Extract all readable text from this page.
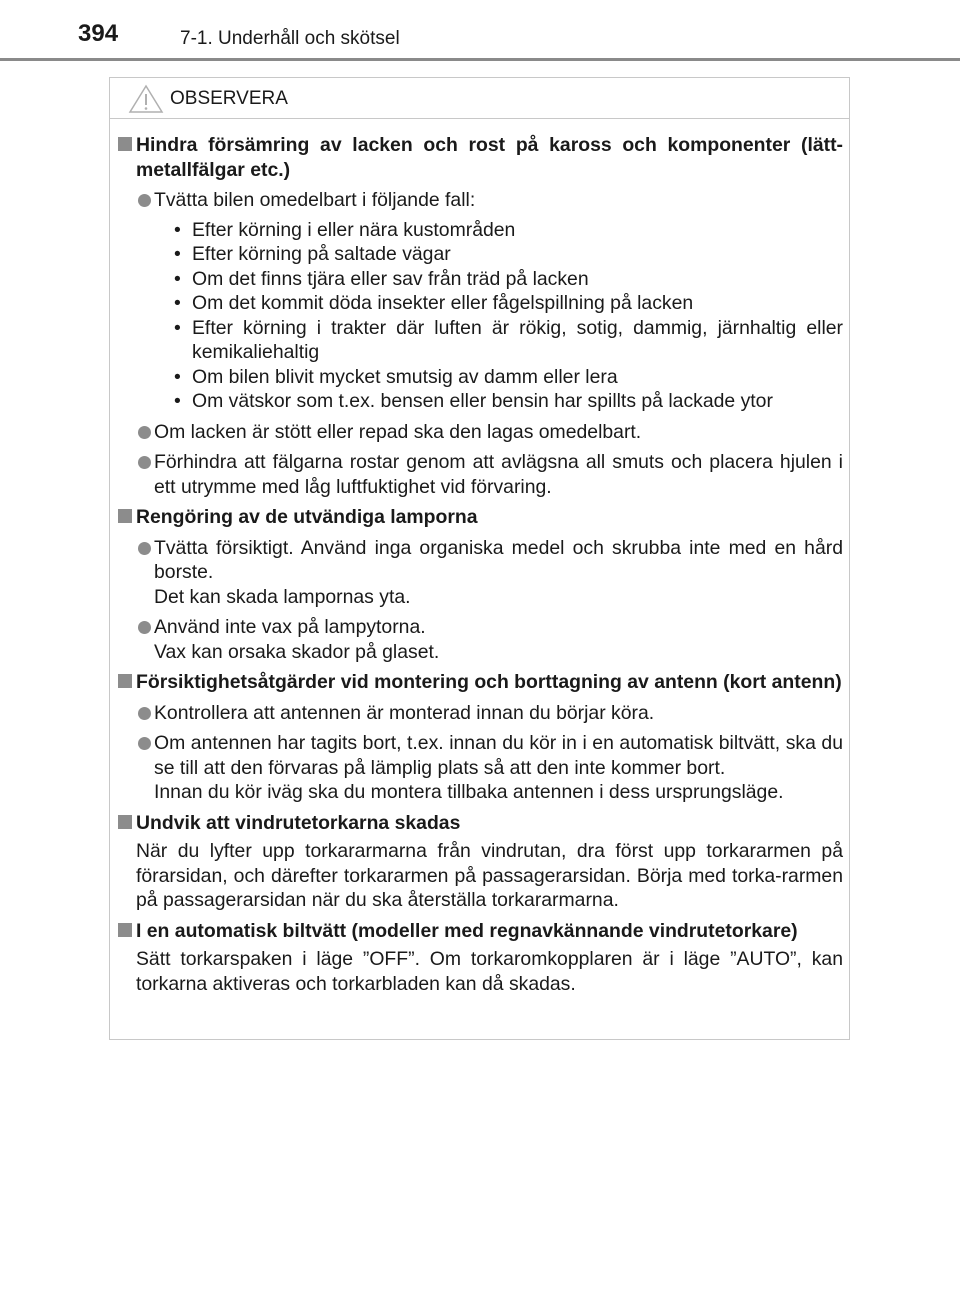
394	7-1. Underhåll och skötsel
OBSERVERA
Hindra försämring av lacken och rost på kaross och komponenter (lätt-metallfälgar etc.)
Tvätta bilen omedelbart i följande fall:
• Efter körning i eller nära kustområden
• Efter körning på saltade vägar
• Om det finns tjära eller sav från träd på lacken
• Om det kommit döda insekter eller fågelspillning på lacken
• Efter körning i trakter där luften är rökig, sotig, dammig, järnhaltig eller kemikaliehaltig
• Om bilen blivit mycket smutsig av damm eller lera
• Om vätskor som t.ex. bensen eller bensin har spillts på lackade ytor
Om lacken är stött eller repad ska den lagas omedelbart.
Förhindra att fälgarna rostar genom att avlägsna all smuts och placera hjulen i ett utrymme med låg luftfuktighet vid förvaring.
Rengöring av de utvändiga lamporna
Tvätta försiktigt. Använd inga organiska medel och skrubba inte med en hård borste.
Det kan skada lampornas yta.
Använd inte vax på lampytorna.
Vax kan orsaka skador på glaset.
Försiktighetsåtgärder vid montering och borttagning av antenn (kort antenn)
Kontrollera att antennen är monterad innan du börjar köra.
Om antennen har tagits bort, t.ex. innan du kör in i en automatisk biltvätt, ska du se till att den förvaras på lämplig plats så att den inte kommer bort.
Innan du kör iväg ska du montera tillbaka antennen i dess ursprungsläge.
Undvik att vindrutetorkarna skadas
När du lyfter upp torkararmarna från vindrutan, dra först upp torkararmen på förarsidan, och därefter torkararmen på passagerarsidan. Börja med torka-rarmen på passagerarsidan när du ska återställa torkararmarna.
I en automatisk biltvätt (modeller med regnavkännande vindrutetorkare)
Sätt torkarspaken i läge ”OFF”. Om torkaromkopplaren är i läge ”AUTO”, kan torkarna aktiveras och torkarbladen kan då skadas.
